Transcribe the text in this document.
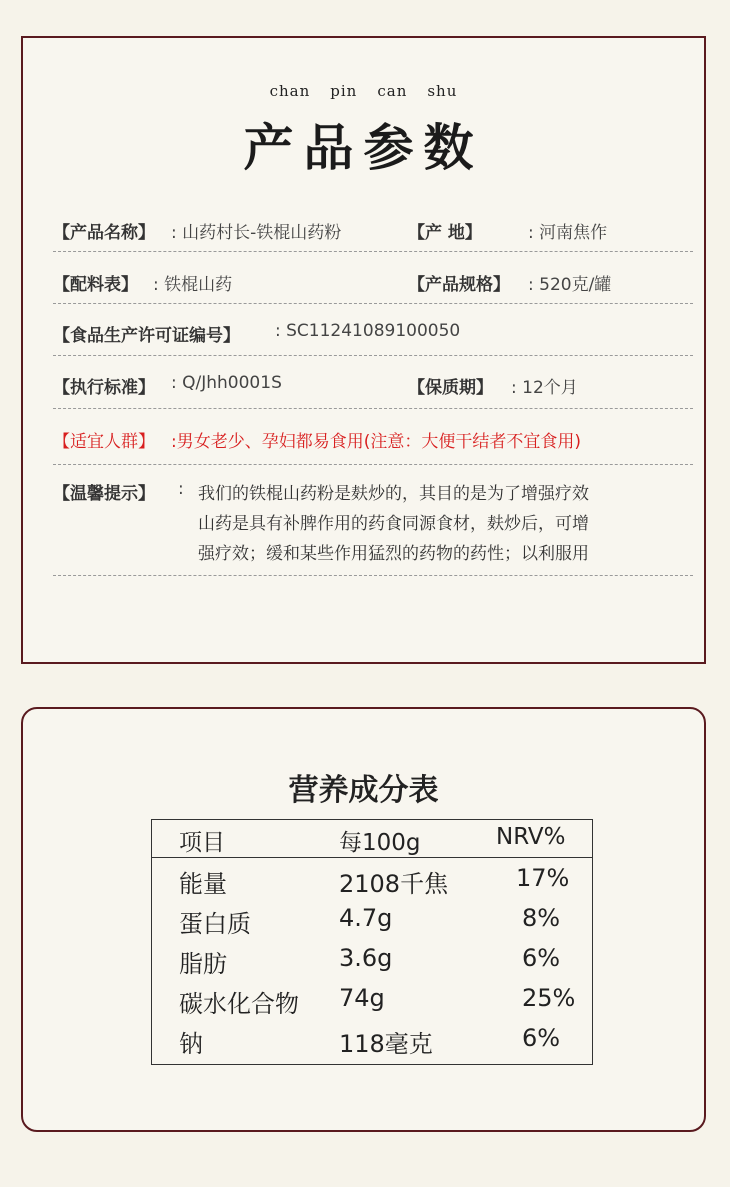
chan pin can shu
产品参数
【产品名称】 : 山药村长-铁棍山药粉	【产 地】	: 河南焦作
【配料表】 : 铁棍山药	【产品规格】 : 520克/罐
【食品生产许可证编号】 : SC11241089100050
【执行标准】 : Q/Jhh0001S	【保质期】 : 12个月
【适宜人群】 :男女老少、孕妇都易食用(注意：大便干结者不宜食用)
【温馨提示】 : 我们的铁棍山药粉是麸炒的，其目的是为了增强疗效
山药是具有补脾作用的药食同源食材，麸炒后，可增
强疗效；缓和某些作用猛烈的药物的药性；以利服用
营养成分表
项目	每100g	NRV%
能量	2108千焦	17%
蛋白质	4.7g	8%
脂肪	3.6g	6%
碳水化合物 74g	25%
钠	118毫克	6%
